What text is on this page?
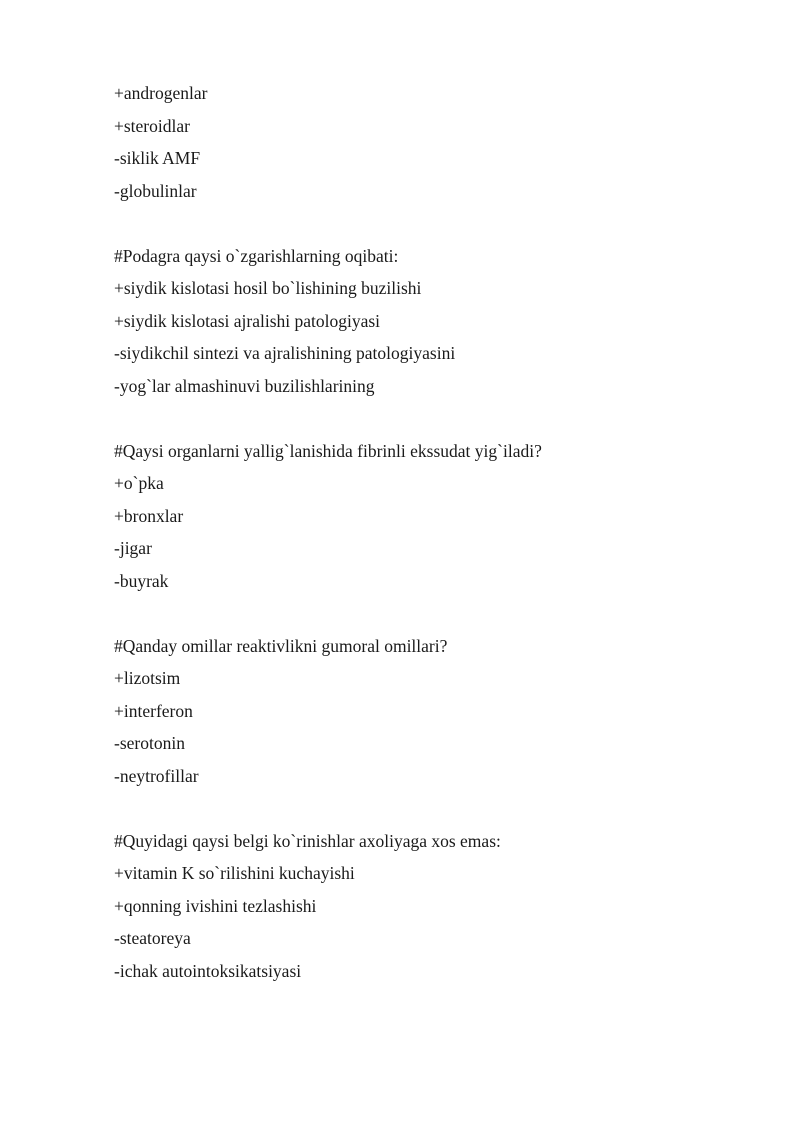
+androgenlar
+steroidlar
-siklik AMF
-globulinlar
#Podagra qaysi o`zgarishlarning oqibati:
+siydik kislotasi hosil bo`lishining buzilishi
+siydik kislotasi ajralishi patologiyasi
-siydikchil sintezi va ajralishining patologiyasini
-yog`lar almashinuvi buzilishlarining
#Qaysi organlarni yallig`lanishida fibrinli ekssudat yig`iladi?
+o`pka
+bronxlar
-jigar
-buyrak
#Qanday omillar reaktivlikni gumoral omillari?
+lizotsim
+interferon
-serotonin
-neytrofillar
#Quyidagi qaysi belgi ko`rinishlar axoliyaga xos emas:
+vitamin K so`rilishini kuchayishi
+qonning ivishini tezlashishi
-steatoreya
-ichak autointoksikatsiyasi
